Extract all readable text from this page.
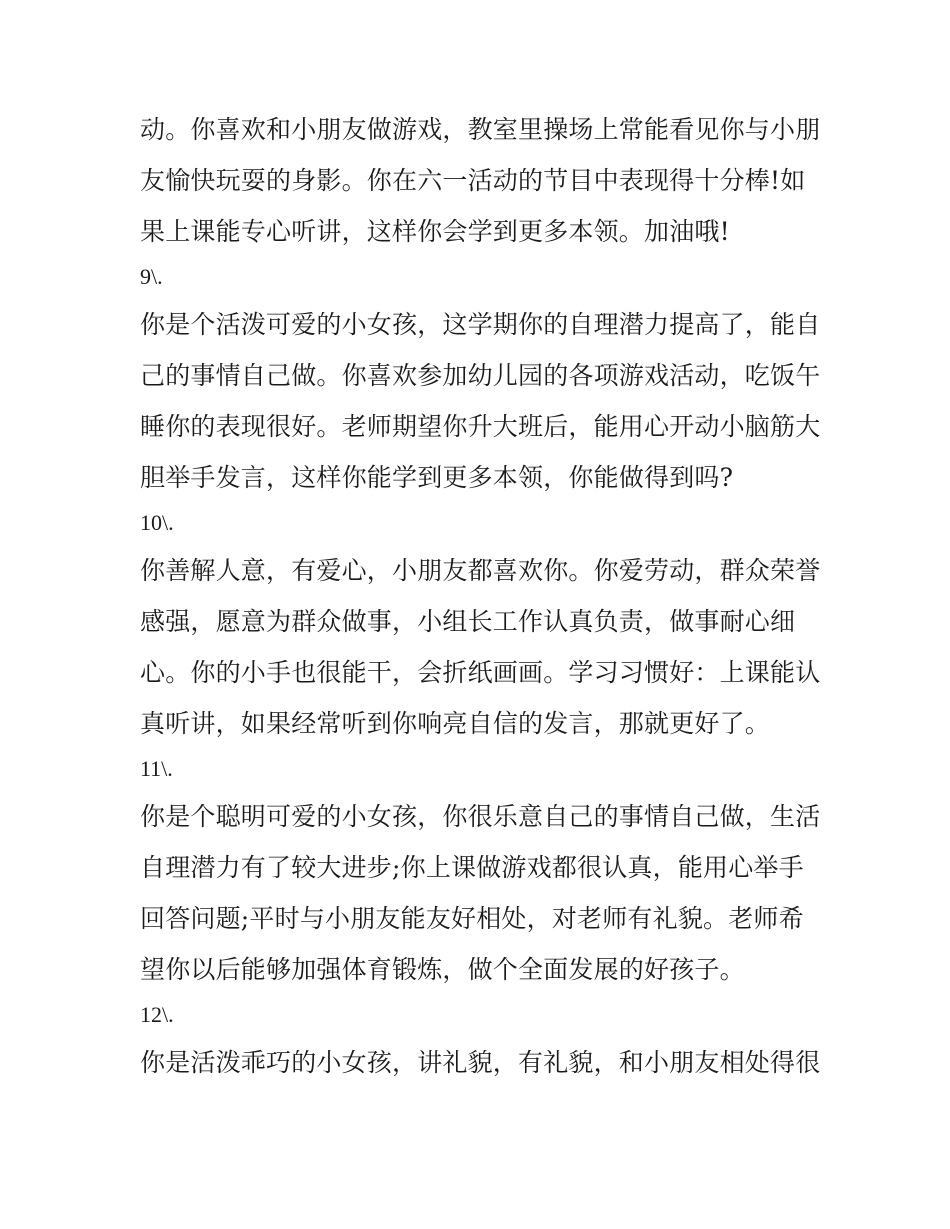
动。你喜欢和小朋友做游戏，教室里操场上常能看见你与小朋
友愉快玩耍的身影。你在六一活动的节目中表现得十分棒!如
果上课能专心听讲，这样你会学到更多本领。加油哦!
9\.
你是个活泼可爱的小女孩，这学期你的自理潜力提高了，能自
己的事情自己做。你喜欢参加幼儿园的各项游戏活动，吃饭午
睡你的表现很好。老师期望你升大班后，能用心开动小脑筋大
胆举手发言，这样你能学到更多本领，你能做得到吗?
10\.
你善解人意，有爱心，小朋友都喜欢你。你爱劳动，群众荣誉
感强，愿意为群众做事，小组长工作认真负责，做事耐心细
心。你的小手也很能干，会折纸画画。学习习惯好：上课能认
真听讲，如果经常听到你响亮自信的发言，那就更好了。
11\.
你是个聪明可爱的小女孩，你很乐意自己的事情自己做，生活
自理潜力有了较大进步;你上课做游戏都很认真，能用心举手
回答问题;平时与小朋友能友好相处，对老师有礼貌。老师希
望你以后能够加强体育锻炼，做个全面发展的好孩子。
12\.
你是活泼乖巧的小女孩，讲礼貌，有礼貌，和小朋友相处得很
